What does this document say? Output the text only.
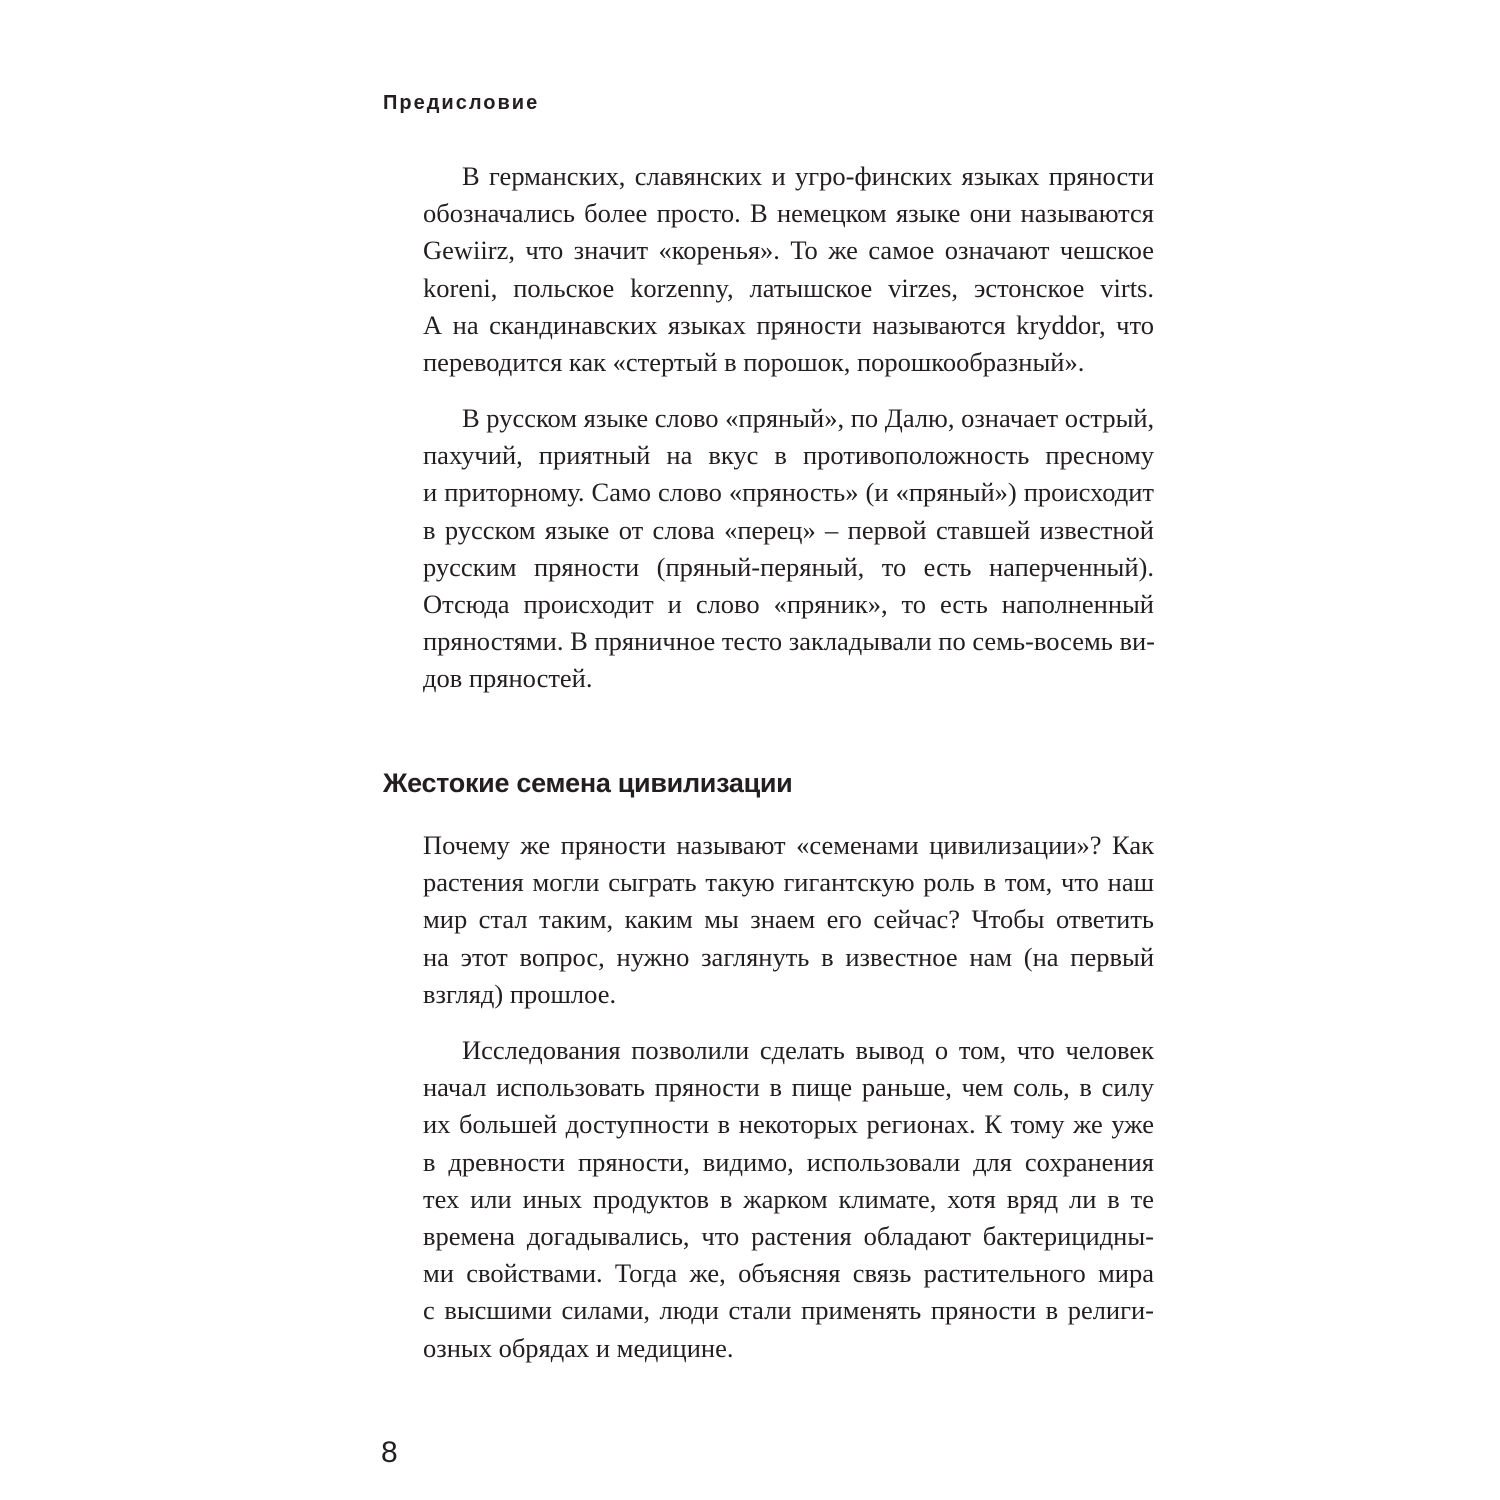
Предисловие

В германских, славянских и угро-финских языках пряности
обозначались более просто. В немецком языке они называются
Gewiirz, что значит «коренья». То же самое означают чешское
koreni, польское korzenny, латышское virzes, эстонское virts.
А на скандинавских языках пряности называются kryddor, что
переводится как «стертый в порошок, порошкообразный».

В русском языке слово «пряный», по Далю, означает острый,
пахучий, приятный на вкус в противоположность пресному
и приторному. Само слово «пряность» (и «пряный») происходит
в русском языке от слова «перец» – первой ставшей известной
русским пряности (пряный-перяный, то есть наперченный).
Отсюда происходит и слово «пряник», то есть наполненный
пряностями. В пряничное тесто закладывали по семь-восемь ви-
дов пряностей.

Жестокие семена цивилизации

Почему же пряности называют «семенами цивилизации»? Как
растения могли сыграть такую гигантскую роль в том, что наш
мир стал таким, каким мы знаем его сейчас? Чтобы ответить
на этот вопрос, нужно заглянуть в известное нам (на первый
взгляд) прошлое.

Исследования позволили сделать вывод о том, что человек
начал использовать пряности в пище раньше, чем соль, в силу
их большей доступности в некоторых регионах. К тому же уже
в древности пряности, видимо, использовали для сохранения
тех или иных продуктов в жарком климате, хотя вряд ли в те
времена догадывались, что растения обладают бактерицидны-
ми свойствами. Тогда же, объясняя связь растительного мира
с высшими силами, люди стали применять пряности в религи-
озных обрядах и медицине.

8
